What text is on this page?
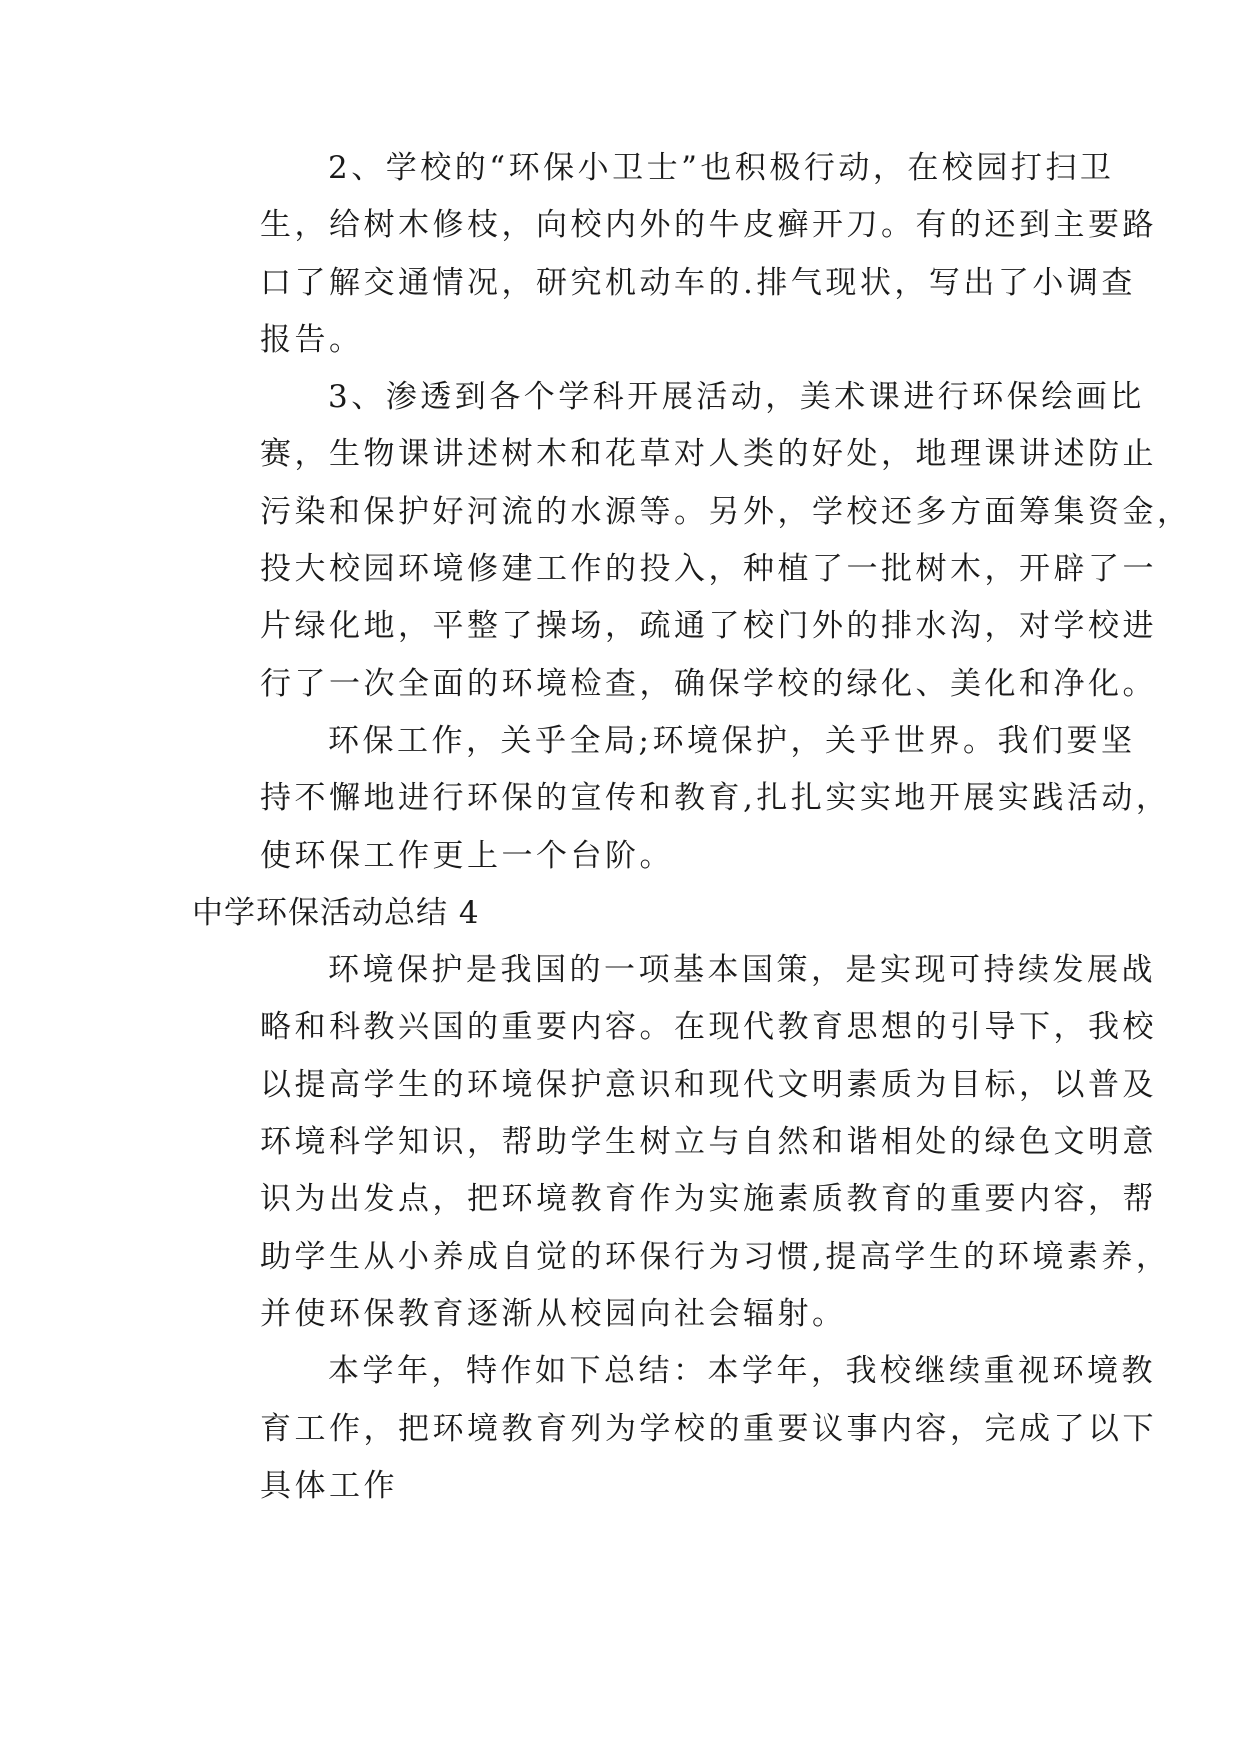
2、学校的“环保小卫士”也积极行动，在校园打扫卫
生，给树木修枝，向校内外的牛皮癣开刀。有的还到主要路
口了解交通情况，研究机动车的.排气现状，写出了小调查
报告。
3、渗透到各个学科开展活动，美术课进行环保绘画比
赛，生物课讲述树木和花草对人类的好处，地理课讲述防止
污染和保护好河流的水源等。另外，学校还多方面筹集资金，
投大校园环境修建工作的投入，种植了一批树木，开辟了一
片绿化地，平整了操场，疏通了校门外的排水沟，对学校进
行了一次全面的环境检查，确保学校的绿化、美化和净化。
环保工作，关乎全局;环境保护，关乎世界。我们要坚
持不懈地进行环保的宣传和教育,扎扎实实地开展实践活动，
使环保工作更上一个台阶。
中学环保活动总结 4
环境保护是我国的一项基本国策，是实现可持续发展战
略和科教兴国的重要内容。在现代教育思想的引导下，我校
以提高学生的环境保护意识和现代文明素质为目标，以普及
环境科学知识，帮助学生树立与自然和谐相处的绿色文明意
识为出发点，把环境教育作为实施素质教育的重要内容，帮
助学生从小养成自觉的环保行为习惯,提高学生的环境素养，
并使环保教育逐渐从校园向社会辐射。
本学年，特作如下总结：本学年，我校继续重视环境教
育工作，把环境教育列为学校的重要议事内容，完成了以下
具体工作
